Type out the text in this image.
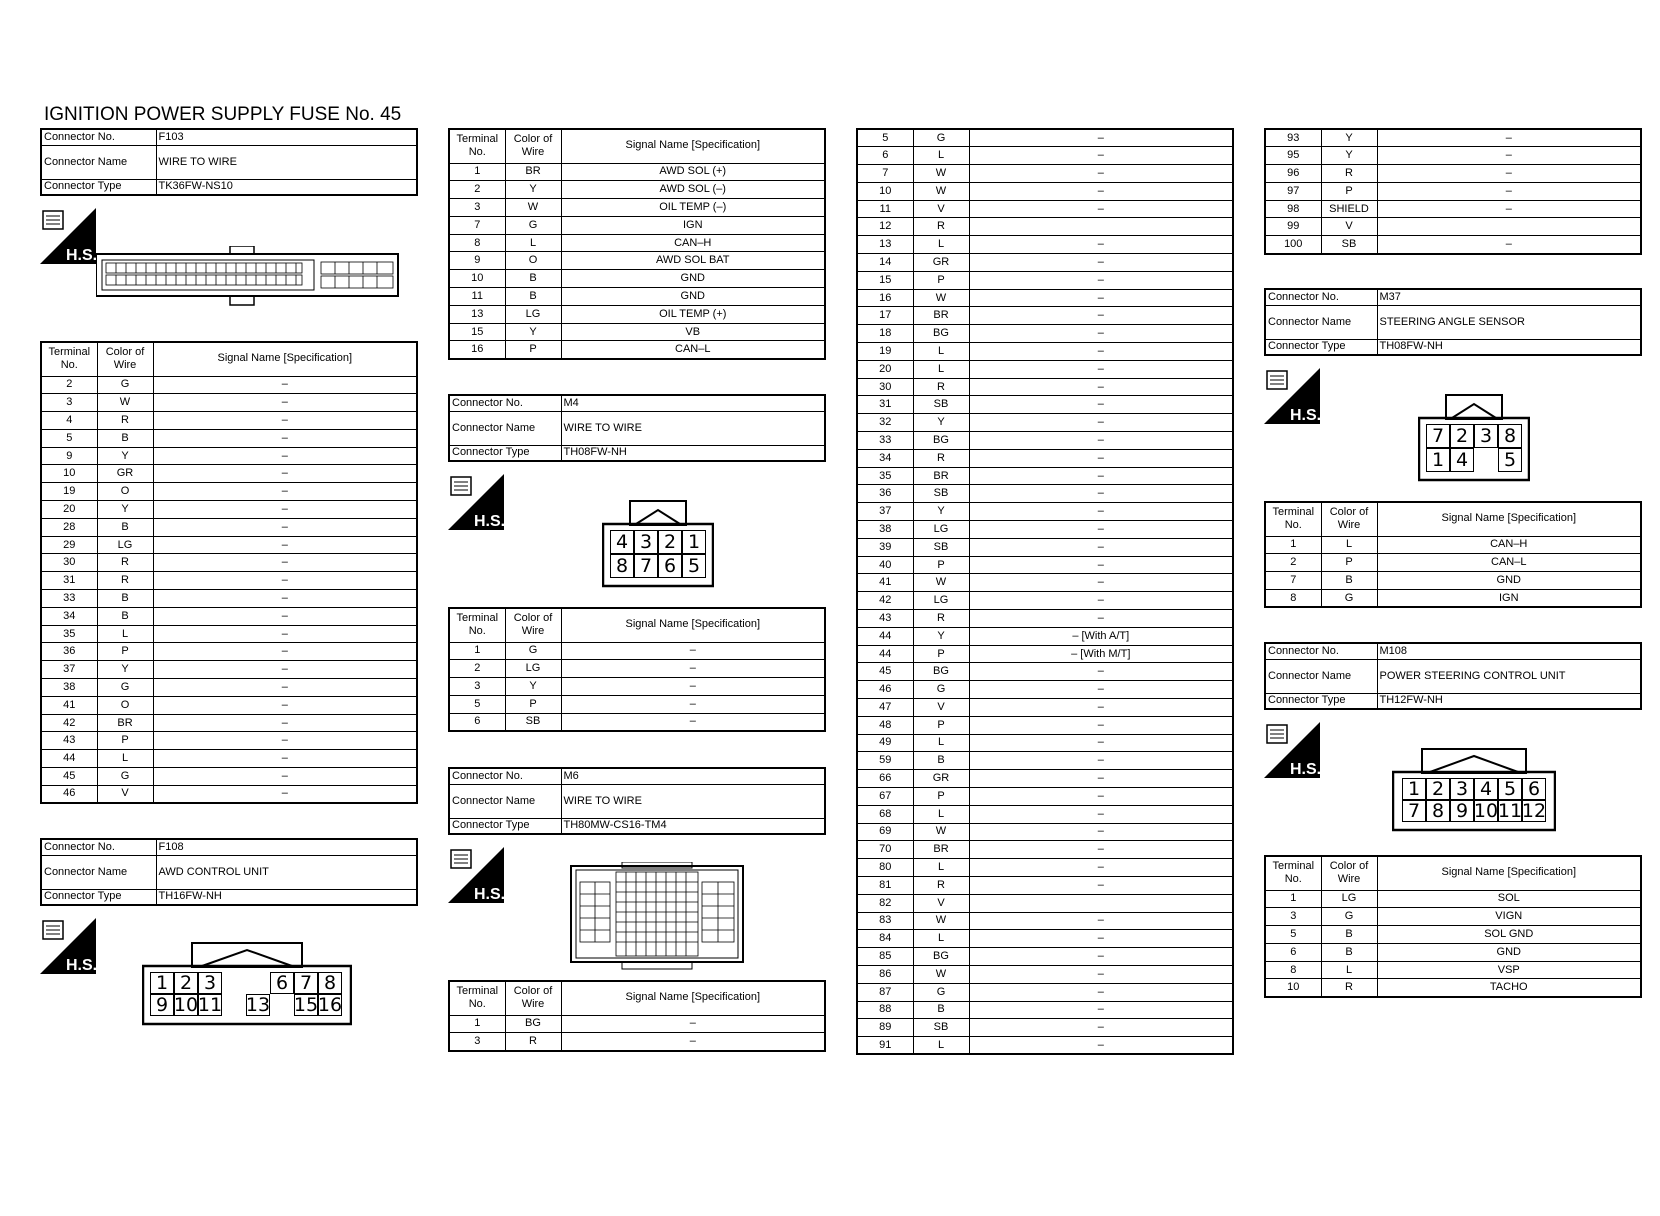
IGNITION POWER SUPPLY FUSE No. 45
Connector No.	F103
Connector Name	WIRE TO WIRE
Connector Type	TK36FW-NS10
H.S.
Terminal No.	Color of Wire	Signal Name [Specification]
2	G	–
3	W	–
4	R	–
5	B	–
9	Y	–
10	GR	–
19	O	–
20	Y	–
28	B	–
29	LG	–
30	R	–
31	R	–
33	B	–
34	B	–
35	L	–
36	P	–
37	Y	–
38	G	–
41	O	–
42	BR	–
43	P	–
44	L	–
45	G	–
46	V	–
Connector No.	F108
Connector Name	AWD CONTROL UNIT
Connector Type	TH16FW-NH
H.S.
1 2 3	6 7 8
9 10 11 13 15 16
Terminal No.	Color of Wire	Signal Name [Specification]
1	BR	AWD SOL (+)
2	Y	AWD SOL (–)
3	W	OIL TEMP (–)
7	G	IGN
8	L	CAN–H
9	O	AWD SOL BAT
10	B	GND
11	B	GND
13	LG	OIL TEMP (+)
15	Y	VB
16	P	CAN–L
Connector No.	M4
Connector Name	WIRE TO WIRE
Connector Type	TH08FW-NH
H.S.
4 3 2 1
8 7 6 5
Terminal No.	Color of Wire	Signal Name [Specification]
1	G	–
2	LG	–
3	Y	–
5	P	–
6	SB	–
Connector No.	M6
Connector Name	WIRE TO WIRE
Connector Type	TH80MW-CS16-TM4
H.S.
Terminal No.	Color of Wire	Signal Name [Specification]
1	BG	–
3	R	–
5	G	–
6	L	–
7	W	–
10	W	–
11	V	–
12	R	
13	L	–
14	GR	–
15	P	–
16	W	–
17	BR	–
18	BG	–
19	L	–
20	L	–
30	R	–
31	SB	–
32	Y	–
33	BG	–
34	R	–
35	BR	–
36	SB	–
37	Y	–
38	LG	–
39	SB	–
40	P	–
41	W	–
42	LG	–
43	R	–
44	Y	– [With A/T]
44	P	– [With M/T]
45	BG	–
46	G	–
47	V	–
48	P	–
49	L	–
59	B	–
66	GR	–
67	P	–
68	L	–
69	W	–
70	BR	–
80	L	–
81	R	–
82	V	
83	W	–
84	L	–
85	BG	–
86	W	–
87	G	–
88	B	–
89	SB	–
91	L	–
93	Y	–
95	Y	–
96	R	–
97	P	–
98	SHIELD	–
99	V	
100	SB	–
Connector No.	M37
Connector Name	STEERING ANGLE SENSOR
Connector Type	TH08FW-NH
H.S.
7 2 3 8
1 4	5
Terminal No.	Color of Wire	Signal Name [Specification]
1	L	CAN–H
2	P	CAN–L
7	B	GND
8	G	IGN
Connector No.	M108
Connector Name	POWER STEERING CONTROL UNIT
Connector Type	TH12FW-NH
H.S.
1 2 3 4 5 6
7 8 9 10 11 12
Terminal No.	Color of Wire	Signal Name [Specification]
1	LG	SOL
3	G	VIGN
5	B	SOL GND
6	B	GND
8	L	VSP
10	R	TACHO
